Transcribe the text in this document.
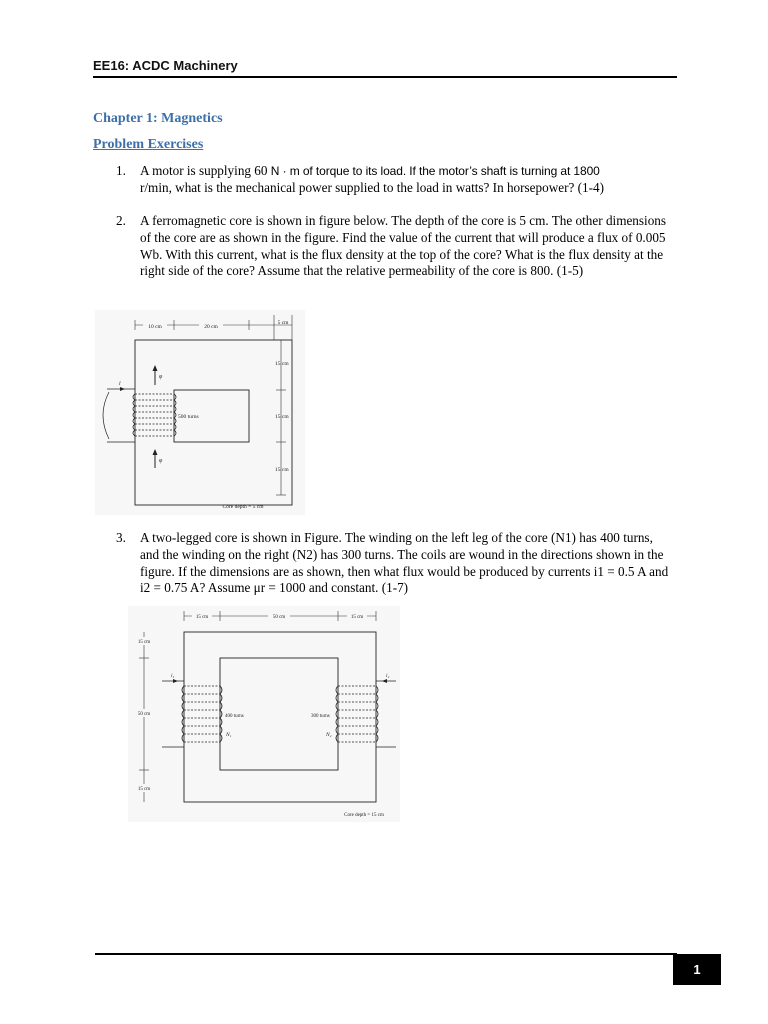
EE16: ACDC Machinery
Chapter 1: Magnetics
Problem Exercises
1. A motor is supplying 60 N · m of torque to its load. If the motor’s shaft is turning at 1800
r/min, what is the mechanical power supplied to the load in watts? In horsepower? (1-4)
2. A ferromagnetic core is shown in figure below. The depth of the core is 5 cm. The other dimensions of the core are as shown in the figure. Find the value of the current that will produce a flux of 0.005 Wb. With this current, what is the flux density at the top of the core? What is the flux density at the right side of the core? Assume that the relative permeability of the core is 800. (1-5)
10 cm	20 cm
5 cm
15 cm
15 cm
15 cm
φ
φ
i
500 turns
Core depth = 5 cm
3. A two-legged core is shown in Figure. The winding on the left leg of the core (N1) has 400 turns, and the winding on the right (N2) has 300 turns. The coils are wound in the directions shown in the figure. If the dimensions are as shown, then what flux would be produced by currents i1 = 0.5 A and i2 = 0.75 A? Assume μr = 1000 and constant. (1-7)
15 cm	50 cm	15 cm
15 cm
50 cm
15 cm
i₁
400 turns
N₁
i₂
300 turns
N₂
Core depth = 15 cm
1
